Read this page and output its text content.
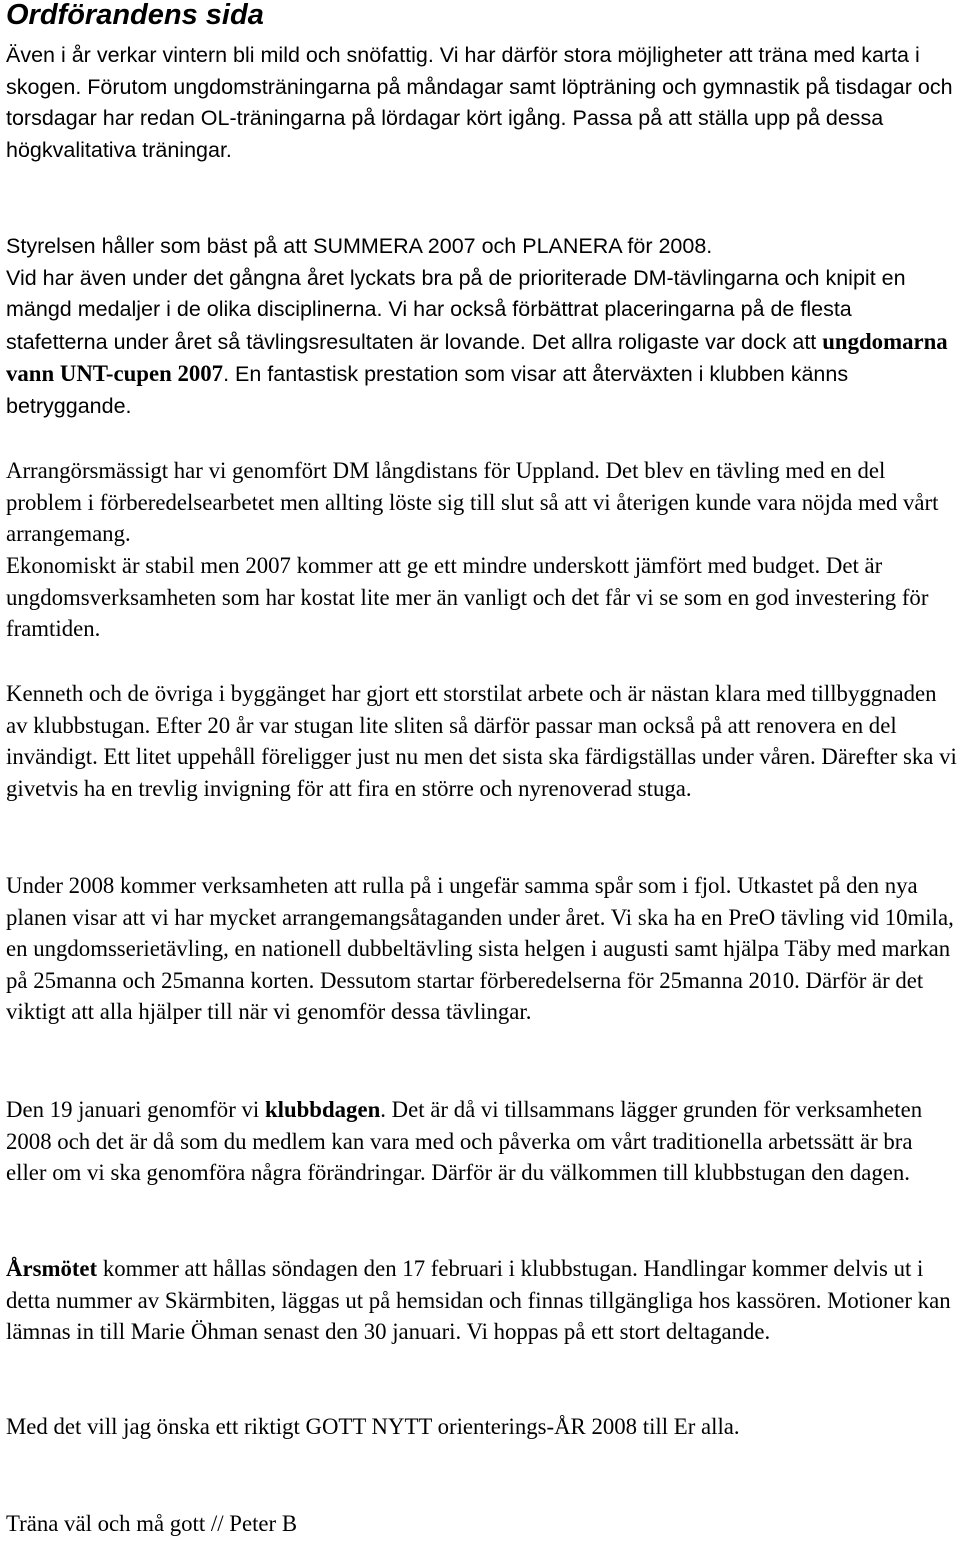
Ordförandens sida

Även i år verkar vintern bli mild och snöfattig. Vi har därför stora möjligheter att träna med karta i skogen. Förutom ungdomsträningarna på måndagar samt löpträning och gymnastik på tisdagar och torsdagar har redan OL-träningarna på lördagar kört igång. Passa på att ställa upp på dessa högkvalitativa träningar.

Styrelsen håller som bäst på att SUMMERA 2007 och PLANERA för 2008.
Vid har även under det gångna året lyckats bra på de prioriterade DM-tävlingarna och knipit en mängd medaljer i de olika disciplinerna. Vi har också förbättrat placeringarna på de flesta stafetterna under året så tävlingsresultaten är lovande. Det allra roligaste var dock att ungdomarna vann UNT-cupen 2007. En fantastisk prestation som visar att återväxten i klubben känns betryggande.

Arrangörsmässigt har vi genomfört DM långdistans för Uppland. Det blev en tävling med en del problem i förberedelsearbetet men allting löste sig till slut så att vi återigen kunde vara nöjda med vårt arrangemang.

Ekonomiskt är stabil men 2007 kommer att ge ett mindre underskott jämfört med budget. Det är ungdomsverksamheten som har kostat lite mer än vanligt och det får vi se som en god investering för framtiden.

Kenneth och de övriga i byggänget har gjort ett storstilat arbete och är nästan klara med tillbyggnaden av klubbstugan. Efter 20 år var stugan lite sliten så därför passar man också på att renovera en del invändigt. Ett litet uppehåll föreligger just nu men det sista ska färdigställas under våren. Därefter ska vi givetvis ha en trevlig invigning för att fira en större och nyrenoverad stuga.

Under 2008 kommer verksamheten att rulla på i ungefär samma spår som i fjol. Utkastet på den nya planen visar att vi har mycket arrangemangsåtaganden under året. Vi ska ha en PreO tävling vid 10mila, en ungdomsserietävling, en nationell dubbeltävling sista helgen i augusti samt hjälpa Täby med markan på 25manna och 25manna korten. Dessutom startar förberedelserna för 25manna 2010. Därför är det viktigt att alla hjälper till när vi genomför dessa tävlingar.

Den 19 januari genomför vi klubbdagen. Det är då vi tillsammans lägger grunden för verksamheten 2008 och det är då som du medlem kan vara med och påverka om vårt traditionella arbetssätt är bra eller om vi ska genomföra några förändringar. Därför är du välkommen till klubbstugan den dagen.

Årsmötet kommer att hållas söndagen den 17 februari i klubbstugan. Handlingar kommer delvis ut i detta nummer av Skärmbiten, läggas ut på hemsidan och finnas tillgängliga hos kassören. Motioner kan lämnas in till Marie Öhman senast den 30 januari. Vi hoppas på ett stort deltagande.

Med det vill jag önska ett riktigt GOTT NYTT orienterings-ÅR 2008 till Er alla.

Träna väl och må gott // Peter B
